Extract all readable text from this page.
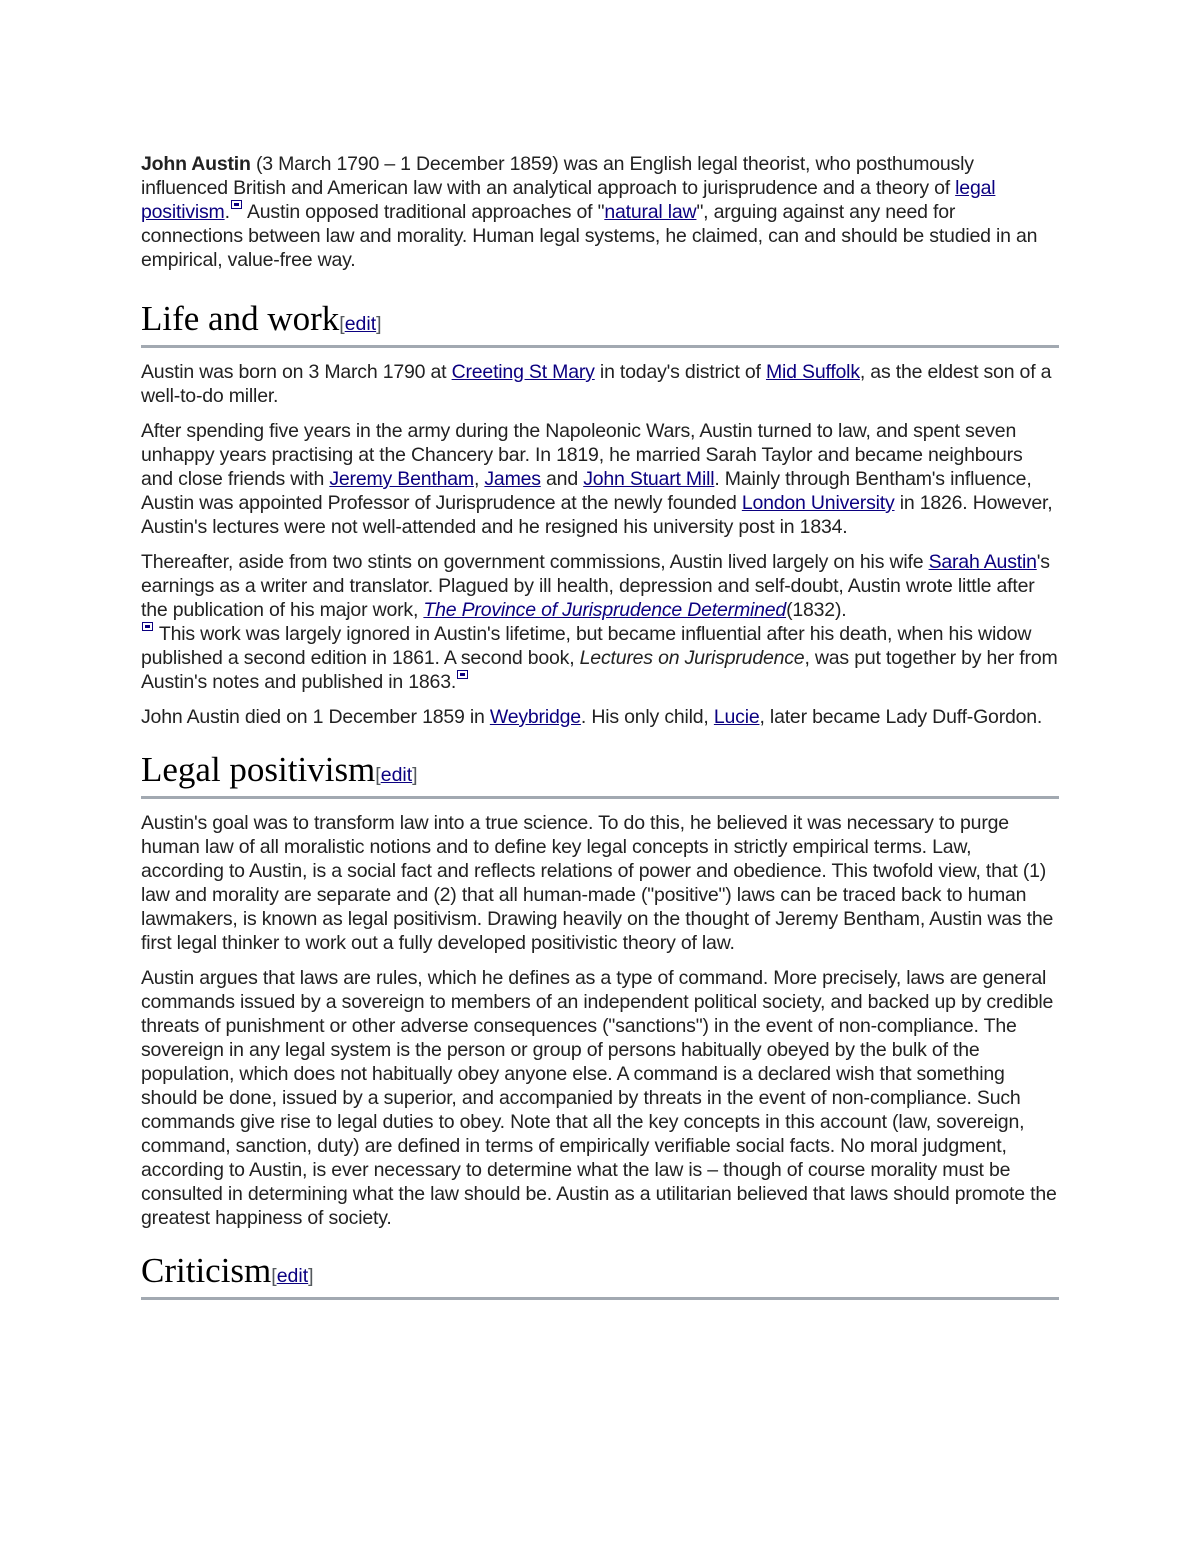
John Austin (3 March 1790 – 1 December 1859) was an English legal theorist, who posthumously influenced British and American law with an analytical approach to jurisprudence and a theory of legal positivism. Austin opposed traditional approaches of "natural law", arguing against any need for connections between law and morality. Human legal systems, he claimed, can and should be studied in an empirical, value-free way.

Life and work[edit]

Austin was born on 3 March 1790 at Creeting St Mary in today's district of Mid Suffolk, as the eldest son of a well-to-do miller.

After spending five years in the army during the Napoleonic Wars, Austin turned to law, and spent seven unhappy years practising at the Chancery bar. In 1819, he married Sarah Taylor and became neighbours and close friends with Jeremy Bentham, James and John Stuart Mill. Mainly through Bentham's influence, Austin was appointed Professor of Jurisprudence at the newly founded London University in 1826. However, Austin's lectures were not well-attended and he resigned his university post in 1834.

Thereafter, aside from two stints on government commissions, Austin lived largely on his wife Sarah Austin's earnings as a writer and translator. Plagued by ill health, depression and self-doubt, Austin wrote little after the publication of his major work, The Province of Jurisprudence Determined(1832).
This work was largely ignored in Austin's lifetime, but became influential after his death, when his widow published a second edition in 1861. A second book, Lectures on Jurisprudence, was put together by her from Austin's notes and published in 1863.

John Austin died on 1 December 1859 in Weybridge. His only child, Lucie, later became Lady Duff-Gordon.

Legal positivism[edit]

Austin's goal was to transform law into a true science. To do this, he believed it was necessary to purge human law of all moralistic notions and to define key legal concepts in strictly empirical terms. Law, according to Austin, is a social fact and reflects relations of power and obedience. This twofold view, that (1) law and morality are separate and (2) that all human-made ("positive") laws can be traced back to human lawmakers, is known as legal positivism. Drawing heavily on the thought of Jeremy Bentham, Austin was the first legal thinker to work out a fully developed positivistic theory of law.

Austin argues that laws are rules, which he defines as a type of command. More precisely, laws are general commands issued by a sovereign to members of an independent political society, and backed up by credible threats of punishment or other adverse consequences ("sanctions") in the event of non-compliance. The sovereign in any legal system is the person or group of persons habitually obeyed by the bulk of the population, which does not habitually obey anyone else. A command is a declared wish that something should be done, issued by a superior, and accompanied by threats in the event of non-compliance. Such commands give rise to legal duties to obey. Note that all the key concepts in this account (law, sovereign, command, sanction, duty) are defined in terms of empirically verifiable social facts. No moral judgment, according to Austin, is ever necessary to determine what the law is – though of course morality must be consulted in determining what the law should be. Austin as a utilitarian believed that laws should promote the greatest happiness of society.

Criticism[edit]
